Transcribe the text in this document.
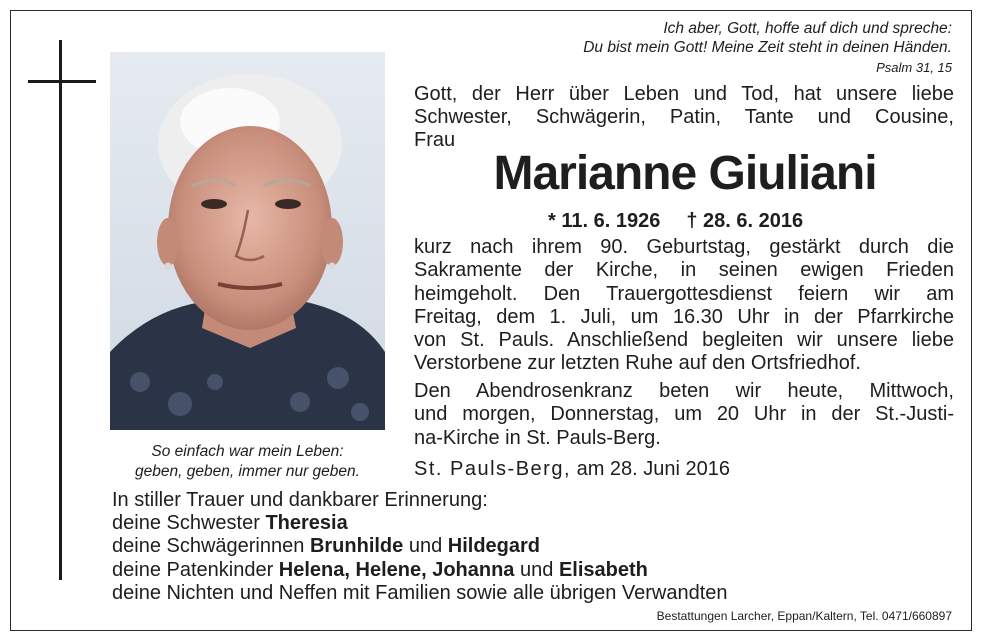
So einfach war mein Leben:
geben, geben, immer nur geben.
Ich aber, Gott, hoffe auf dich und spreche:
Du bist mein Gott! Meine Zeit steht in deinen Händen.
Psalm 31, 15
Gott, der Herr über Leben und Tod, hat unsere liebe
Schwester, Schwägerin, Patin, Tante und Cousine,
Frau
Marianne Giuliani
* 11. 6. 1926 † 28. 6. 2016
kurz nach ihrem 90. Geburtstag, gestärkt durch die
Sakramente der Kirche, in seinen ewigen Frieden
heimgeholt. Den Trauergottesdienst feiern wir am
Freitag, dem 1. Juli, um 16.30 Uhr in der Pfarrkirche
von St. Pauls. Anschließend begleiten wir unsere liebe
Verstorbene zur letzten Ruhe auf den Ortsfriedhof.
Den Abendrosenkranz beten wir heute, Mittwoch,
und morgen, Donnerstag, um 20 Uhr in der St.-Justi-
na-Kirche in St. Pauls-Berg.
St. Pauls-Berg, am 28. Juni 2016
In stiller Trauer und dankbarer Erinnerung:
deine Schwester Theresia
deine Schwägerinnen Brunhilde und Hildegard
deine Patenkinder Helena, Helene, Johanna und Elisabeth
deine Nichten und Neffen mit Familien sowie alle übrigen Verwandten
Bestattungen Larcher, Eppan/Kaltern, Tel. 0471/660897
